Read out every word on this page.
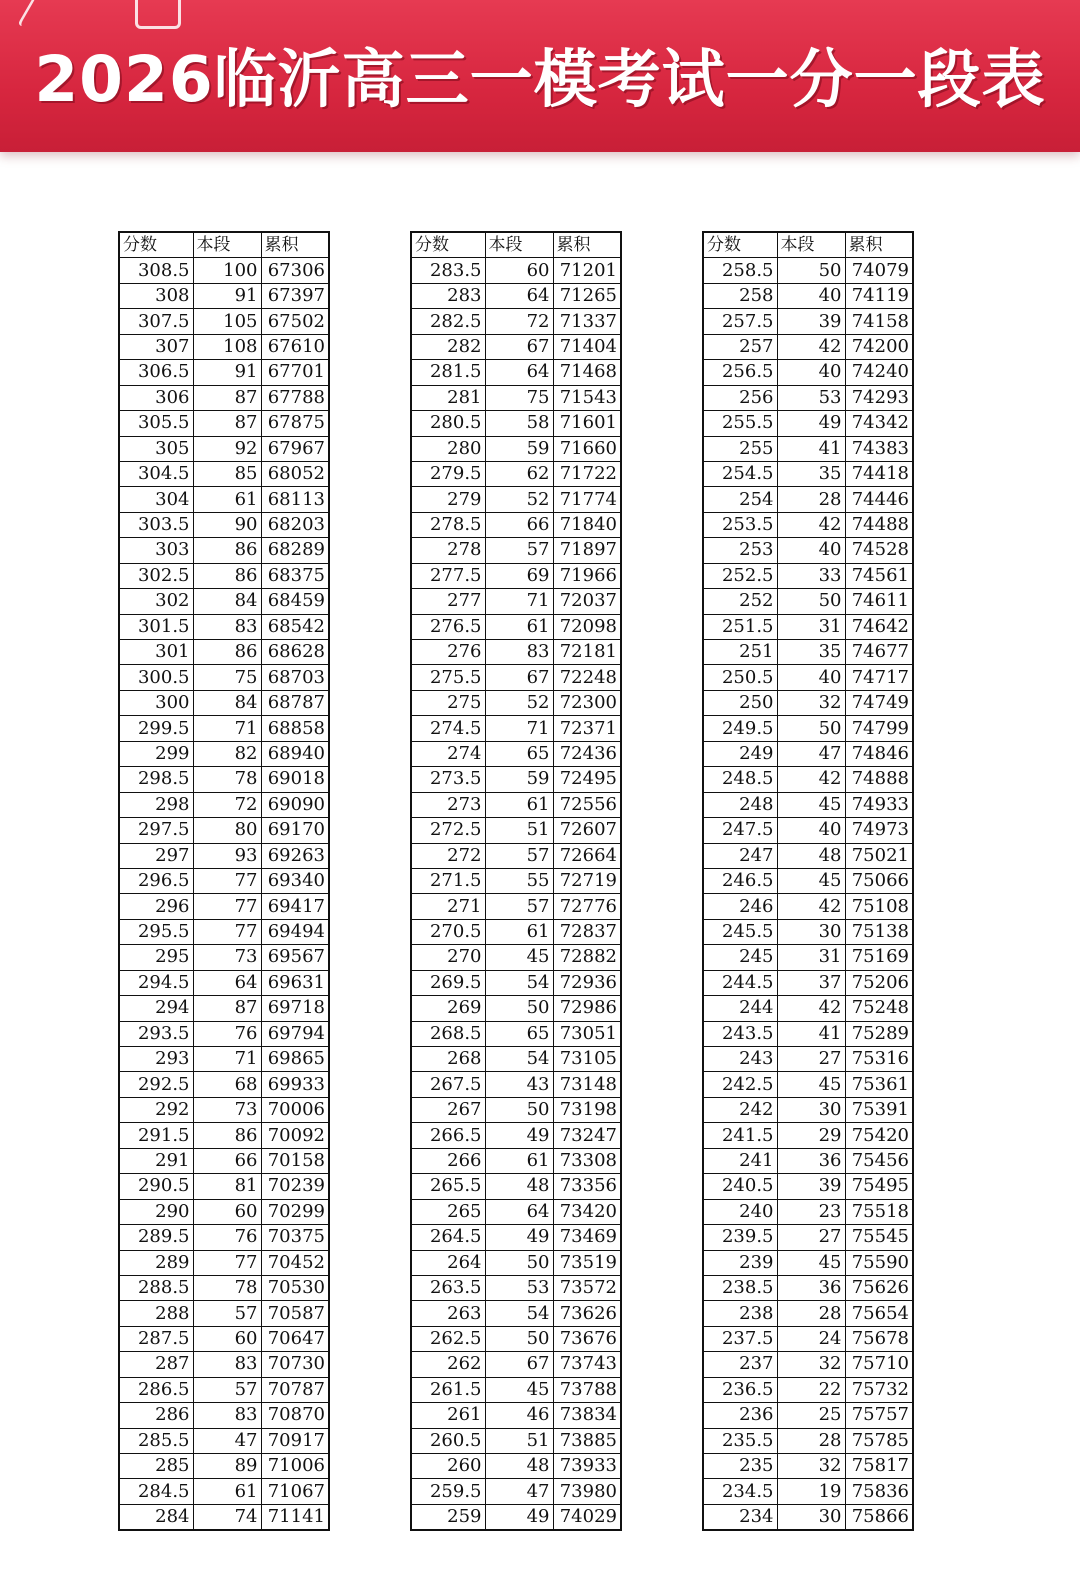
2026临沂高三一模考试一分一段表
分数	本段	累积
308.5	100	67306
308	91	67397
307.5	105	67502
307	108	67610
306.5	91	67701
306	87	67788
305.5	87	67875
305	92	67967
304.5	85	68052
304	61	68113
303.5	90	68203
303	86	68289
302.5	86	68375
302	84	68459
301.5	83	68542
301	86	68628
300.5	75	68703
300	84	68787
299.5	71	68858
299	82	68940
298.5	78	69018
298	72	69090
297.5	80	69170
297	93	69263
296.5	77	69340
296	77	69417
295.5	77	69494
295	73	69567
294.5	64	69631
294	87	69718
293.5	76	69794
293	71	69865
292.5	68	69933
292	73	70006
291.5	86	70092
291	66	70158
290.5	81	70239
290	60	70299
289.5	76	70375
289	77	70452
288.5	78	70530
288	57	70587
287.5	60	70647
287	83	70730
286.5	57	70787
286	83	70870
285.5	47	70917
285	89	71006
284.5	61	71067
284	74	71141
分数	本段	累积
283.5	60	71201
283	64	71265
282.5	72	71337
282	67	71404
281.5	64	71468
281	75	71543
280.5	58	71601
280	59	71660
279.5	62	71722
279	52	71774
278.5	66	71840
278	57	71897
277.5	69	71966
277	71	72037
276.5	61	72098
276	83	72181
275.5	67	72248
275	52	72300
274.5	71	72371
274	65	72436
273.5	59	72495
273	61	72556
272.5	51	72607
272	57	72664
271.5	55	72719
271	57	72776
270.5	61	72837
270	45	72882
269.5	54	72936
269	50	72986
268.5	65	73051
268	54	73105
267.5	43	73148
267	50	73198
266.5	49	73247
266	61	73308
265.5	48	73356
265	64	73420
264.5	49	73469
264	50	73519
263.5	53	73572
263	54	73626
262.5	50	73676
262	67	73743
261.5	45	73788
261	46	73834
260.5	51	73885
260	48	73933
259.5	47	73980
259	49	74029
分数	本段	累积
258.5	50	74079
258	40	74119
257.5	39	74158
257	42	74200
256.5	40	74240
256	53	74293
255.5	49	74342
255	41	74383
254.5	35	74418
254	28	74446
253.5	42	74488
253	40	74528
252.5	33	74561
252	50	74611
251.5	31	74642
251	35	74677
250.5	40	74717
250	32	74749
249.5	50	74799
249	47	74846
248.5	42	74888
248	45	74933
247.5	40	74973
247	48	75021
246.5	45	75066
246	42	75108
245.5	30	75138
245	31	75169
244.5	37	75206
244	42	75248
243.5	41	75289
243	27	75316
242.5	45	75361
242	30	75391
241.5	29	75420
241	36	75456
240.5	39	75495
240	23	75518
239.5	27	75545
239	45	75590
238.5	36	75626
238	28	75654
237.5	24	75678
237	32	75710
236.5	22	75732
236	25	75757
235.5	28	75785
235	32	75817
234.5	19	75836
234	30	75866
